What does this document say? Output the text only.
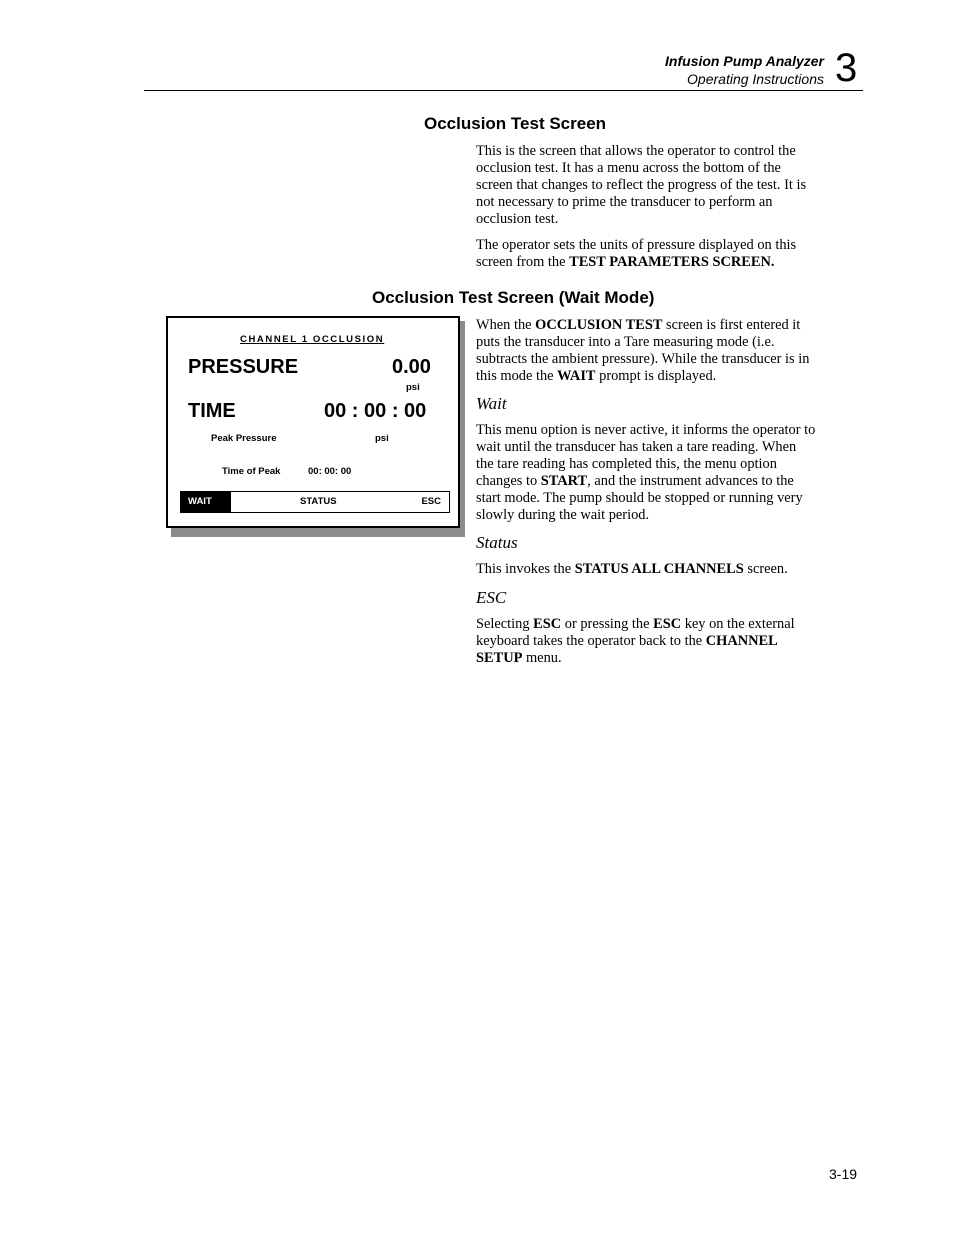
Infusion Pump Analyzer
Operating Instructions 3
Occlusion Test Screen
This is the screen that allows the operator to control the occlusion test. It has a menu across the bottom of the screen that changes to reflect the progress of the test. It is not necessary to prime the transducer to perform an occlusion test.
The operator sets the units of pressure displayed on this screen from the TEST PARAMETERS SCREEN.
Occlusion Test Screen (Wait Mode)
When the OCCLUSION TEST screen is first entered it puts the transducer into a Tare measuring mode (i.e. subtracts the ambient pressure). While the transducer is in this mode the WAIT prompt is displayed.
Wait
This menu option is never active, it informs the operator to wait until the transducer has taken a tare reading. When the tare reading has completed this, the menu option changes to START, and the instrument advances to the start mode. The pump should be stopped or running very slowly during the wait period.
Status
This invokes the STATUS ALL CHANNELS screen.
ESC
Selecting ESC or pressing the ESC key on the external keyboard takes the operator back to the CHANNEL SETUP menu.
CHANNEL 1 OCCLUSION
PRESSURE	0.00
psi
TIME	00 : 00 : 00
Peak Pressure	psi
Time of Peak	00: 00: 00
WAIT	STATUS	ESC
3-19
